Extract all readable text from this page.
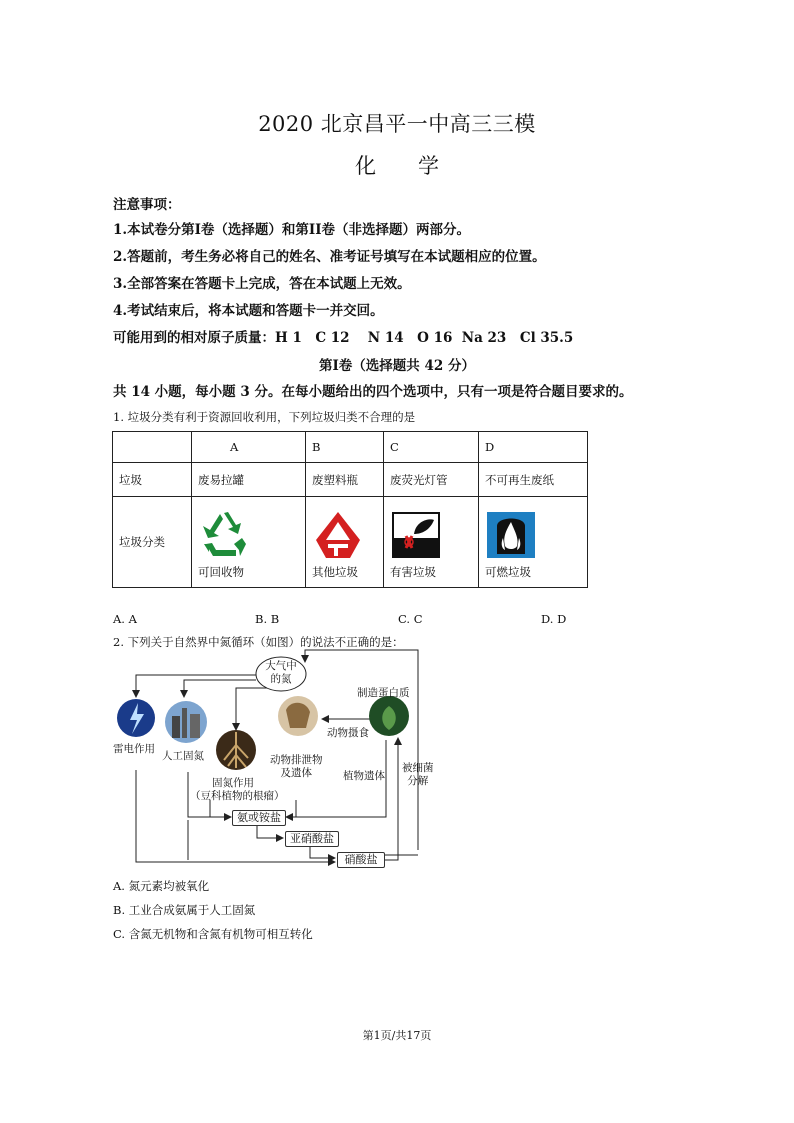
2020 北京昌平一中高三三模
化　　学
注意事项：
1.本试卷分第I卷（选择题）和第II卷（非选择题）两部分。
2.答题前，考生务必将自己的姓名、准考证号填写在本试题相应的位置。
3.全部答案在答题卡上完成，答在本试题上无效。
4.考试结束后，将本试题和答题卡一并交回。
可能用到的相对原子质量：H 1　C 12　 N 14　O 16  Na 23　Cl 35.5
第I卷（选择题共 42 分）
共 14 小题，每小题 3 分。在每小题给出的四个选项中，只有一项是符合题目要求的。
1. 垃圾分类有利于资源回收利用，下列垃圾归类不合理的是
	A	B	C	D
垃圾	废易拉罐	废塑料瓶	废荧光灯管	不可再生废纸
垃圾分类	可回收物	其他垃圾	有害垃圾	可燃垃圾
A. A	B. B	C. C	D. D
2. 下列关于自然界中氮循环（如图）的说法不正确的是：
大气中
的氮
雷电作用
人工固氮
固氮作用
（豆科植物的根瘤）
动物排泄物
及遗体
动物摄食
制造蛋白质
植物遗体
被细菌
分解
氨或铵盐
亚硝酸盐
硝酸盐
A. 氮元素均被氧化
B. 工业合成氨属于人工固氮
C. 含氮无机物和含氮有机物可相互转化
第1页/共17页
